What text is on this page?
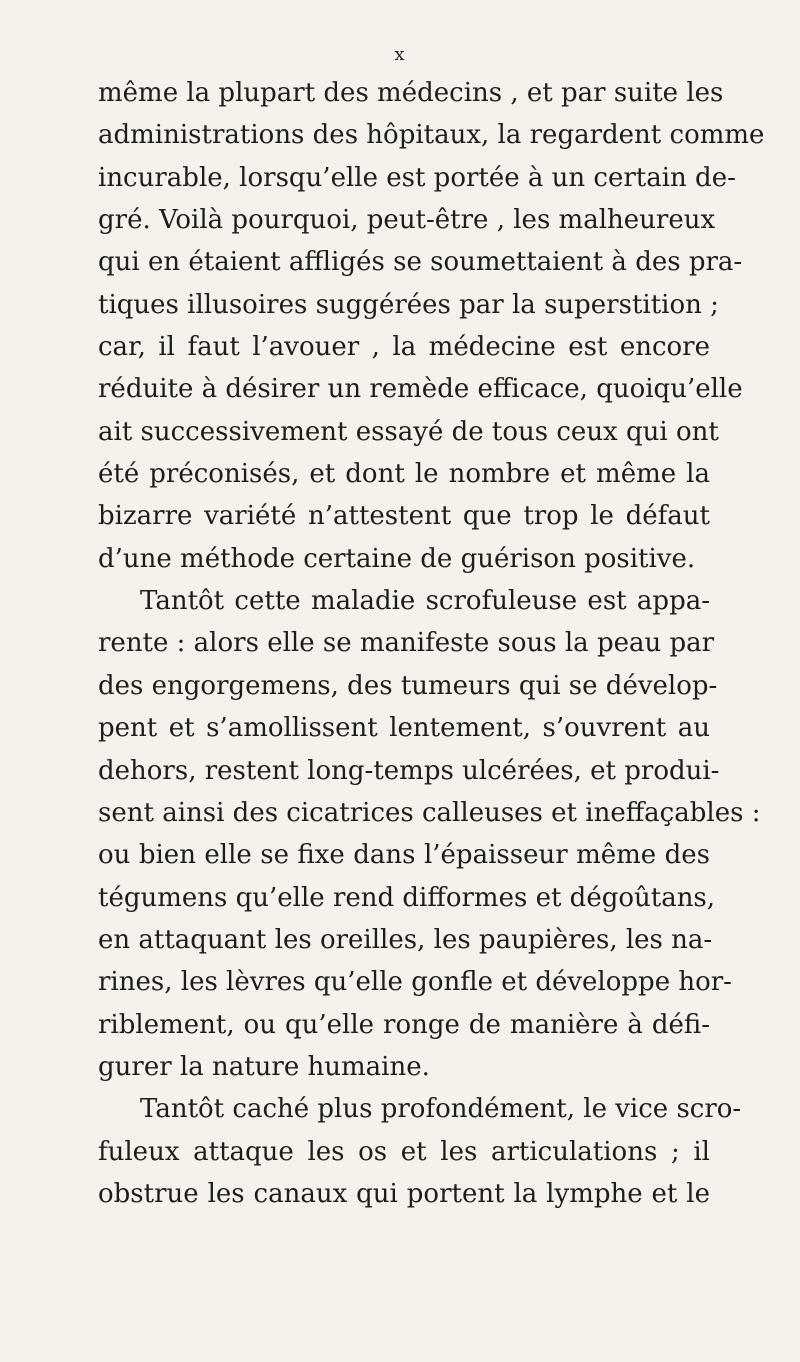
x
même la plupart des médecins , et par suite les
administrations des hôpitaux, la regardent comme
incurable, lorsqu’elle est portée à un certain de-
gré. Voilà pourquoi, peut-être , les malheureux
qui en étaient affligés se soumettaient à des pra-
tiques illusoires suggérées par la superstition ;
car, il faut l’avouer , la médecine est encore
réduite à désirer un remède efficace, quoiqu’elle
ait successivement essayé de tous ceux qui ont
été préconisés, et dont le nombre et même la
bizarre variété n’attestent que trop le défaut
d’une méthode certaine de guérison positive.
Tantôt cette maladie scrofuleuse est appa-
rente : alors elle se manifeste sous la peau par
des engorgemens, des tumeurs qui se dévelop-
pent et s’amollissent lentement, s’ouvrent au
dehors, restent long-temps ulcérées, et produi-
sent ainsi des cicatrices calleuses et ineffaçables :
ou bien elle se fixe dans l’épaisseur même des
tégumens qu’elle rend difformes et dégoûtans,
en attaquant les oreilles, les paupières, les na-
rines, les lèvres qu’elle gonfle et développe hor-
riblement, ou qu’elle ronge de manière à défi-
gurer la nature humaine.
Tantôt caché plus profondément, le vice scro-
fuleux attaque les os et les articulations ; il
obstrue les canaux qui portent la lymphe et le
